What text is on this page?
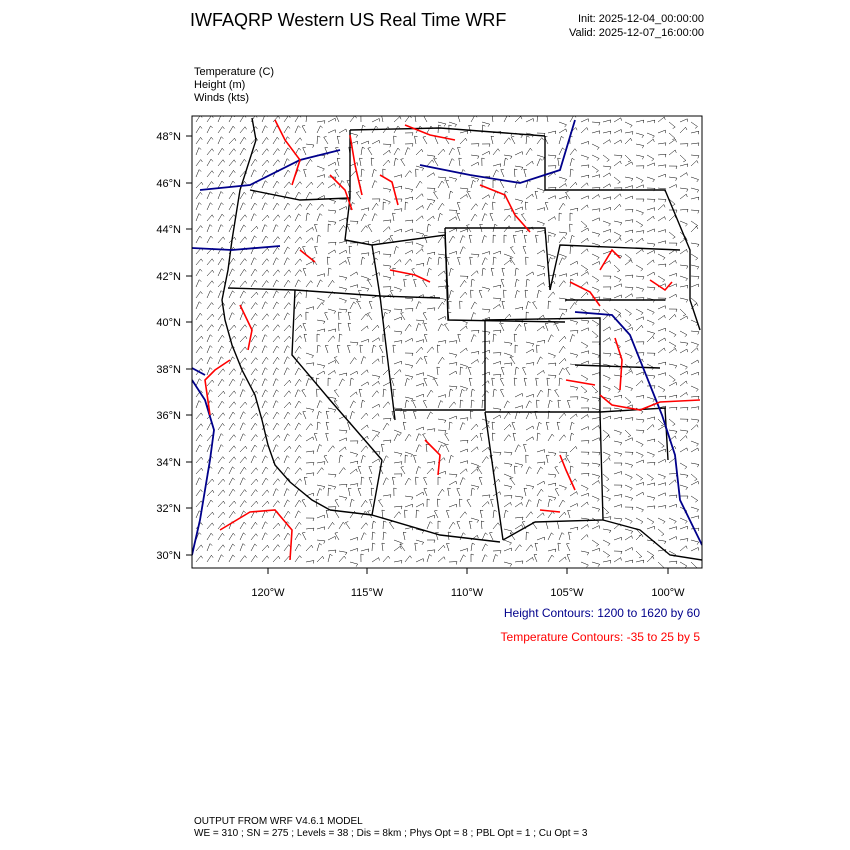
IWFAQRP Western US Real Time WRF	Init: 2025-12-04_00:00:00
Valid: 2025-12-07_16:00:00
Temperature (C)
Height (m)
Winds (kts)
48°N
46°N
44°N
42°N
40°N
38°N
36°N
34°N
32°N
30°N
120°W	115°W	110°W	105°W	100°W
Height Contours: 1200 to 1620 by 60
Temperature Contours: -35 to 25 by 5
OUTPUT FROM WRF V4.6.1 MODEL
WE = 310 ; SN = 275 ; Levels = 38 ; Dis = 8km ; Phys Opt = 8 ; PBL Opt = 1 ; Cu Opt = 3
